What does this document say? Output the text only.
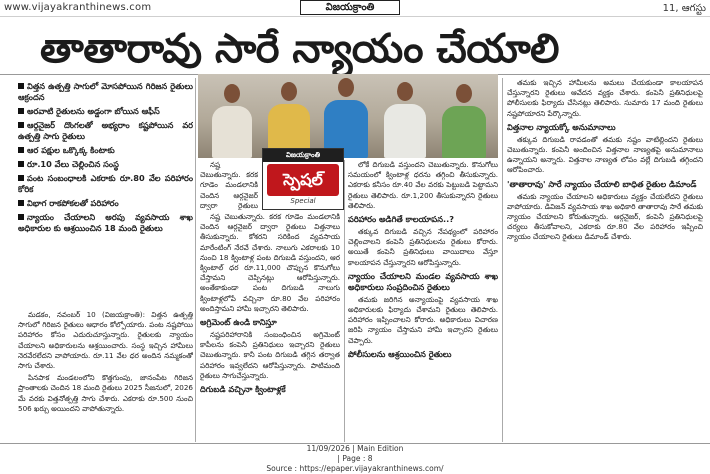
www.vijayakranthinews.com	విజయక్రాంతి	11, ఆగస్టు
తాతారావు సారే న్యాయం చేయాలి
విత్తన ఉత్పత్తి సాగులో మోసపోయిన గిరిజన రైతులు ఆక్రందన
అరవాటి రైతులను అడ్డంగా బోయిన ఆఫీస్
ఆర్గనైజర్ దొంగలతో అభ్యరాం కష్టపోయిన వర ఉత్పత్తి సాగు రైతులు
ఆర పక్షుల ఒక్కొక్క కింటాకు
రూ.10 వేలు చెల్లించిన సంస్థ
పంట సంబంధాలకి ఎకరాకు రూ.80 వేల పరిహారం కోరిక
విభాగ రాకపోకలతో పరిహారం
న్యాయం చేయాలని అరపు వ్యవసాయ శాఖ అధికారుల కు ఆశ్రయించిన 18 మంది రైతులు

మడకం, నవంబర్ 10 (విజయక్రాంతి): విత్తన ఉత్పత్తి సాగులో గిరిజన రైతులు ఆధారం కోల్పోయారు. పంట నష్టపోయి పరిహారం కోసం ఎదురుచూస్తున్నారు. రైతులకు న్యాయం చేయాలని అధికారులను ఆశ్రయించారు. సంస్థ ఇచ్చిన హామీలు నెరవేరలేదని వాపోయారు. రూ.11 వేల ధర అందిన నమ్మకంతో సాగు చేశారు.

పినపాక మండలంలోని కొత్తగుంపు, జానంపేట గిరిజన ప్రాంతాలకు చెందిన 18 మంది రైతులు 2025 సీజనులో, 2026 మే వరకు విత్తనోత్పత్తి సాగు చేశారు. ఎకరాకు రూ.500 నుంచి 506 ఖర్చు అయిందని వాపోతున్నారు.

విజయక్రాంతి
స్పెషల్
Special

నష్ట చెబుతున్నారు. కరక గూడెం మండలానికి చెందిన ఆర్గనైజర్ ద్వారా రైతులు

నష్ట చెబుతున్నారు. కరక గూడెం మండలానికి చెందిన ఆర్గనైజర్ ద్వారా రైతులు విత్తనాలు తీసుకున్నారు. కోశరని సరికింద వ్యవసాయ మారేంటింగ్ నేరవే చేశారు. నాలుగు ఎకరాలకు 10 నుంచి 18 క్వింటాళ్ల పంట దిగుబడి వస్తుందని, ఆర క్వింటాల్ ధర రూ.11,000 చొప్పున కొనుగోలు చేస్తామని చెప్పినట్లు ఆరోపిస్తున్నారు. అంతేకాకుండా పంట దిగుబడి నాలుగు క్వింటాళ్లలోపే వచ్చినా రూ.80 వేల పరిహారం అందిస్తామని హామీ ఇచ్చారని తెలిపారు.

అగ్రిమెంట్ ఉండి కానిస్తూ

నష్టపరిహారానికి సంబంధించిన అగ్రిమెంట్ కాపీలను కంపెనీ ప్రతినిధులు ఇచ్చారని రైతులు చెబుతున్నారు. కానీ పంట దిగుబడి తగ్గిన తర్వాత పరిహారం ఇవ్వలేదని ఆరోపిస్తున్నారు. పాటిమంది రైతులు సాగుచేస్తున్నారు.

దిగుబడి వచ్చినా క్వింటాళ్లకే

లోకే దిగుబడి వస్తుందని చెబుతున్నారు. కొనుగోలు సమయంలో క్వింటాళ్ల ధరను తగ్గించి తీసుకున్నారు. ఎకరాకు కనీసం రూ.40 వేల వరకు పెట్టుబడి పెట్టామని రైతులు తెలిపారు. రూ.1,200 తీసుకున్నారని రైతులు తెలిపారు.

పరిహారం అడిగితే కాలయాపన..?

తక్కువ దిగుబడి వచ్చిన నేపథ్యంలో పరిహారం చెల్లించాలని కంపెనీ ప్రతినిధులను రైతులు కోరారు. అయితే కంపెనీ ప్రతినిధులు వాయిదాలు వేస్తూ కాలయాపన చేస్తున్నారని ఆరోపిస్తున్నారు.

న్యాయం చేయాలని మండల వ్యవసాయ శాఖ అధికారులు సంప్రదించిన రైతులు

తమకు జరిగిన అన్యాయంపై వ్యవసాయ శాఖ అధికారులకు ఫిర్యాదు చేశామని రైతులు తెలిపారు. పరిహారం ఇప్పించాలని కోరారు. అధికారులు విచారణ జరిపి న్యాయం చేస్తామని హామీ ఇచ్చారని రైతులు చెప్పారు.

పోలీసులను ఆశ్రయించిన రైతులు

తమకు ఇచ్చిన హామీలను అమలు చేయకుండా కాలయాపన చేస్తున్నారని రైతులు ఆవేదన వ్యక్తం చేశారు. కంపెనీ ప్రతినిధులపై పోలీసులకు ఫిర్యాదు చేసినట్లు తెలిపారు. సుమారు 17 మంది రైతులు నష్టపోయారని పేర్కొన్నారు.

విత్తనాల న్యాయక్కో అనుమానాలు

తక్కువ దిగుబడి రావడంతో తమకు నష్టం వాటిల్లిందని రైతులు చెబుతున్నారు. కంపెనీ అందించిన విత్తనాల నాణ్యతపై అనుమానాలు ఉన్నాయని అన్నారు. విత్తనాల నాణ్యత లోపం వల్లే దిగుబడి తగ్గిందని ఆరోపించారు.

'తాతారావు' సారే న్యాయం చేయాలి బాధిత రైతుల డిమాండ్

తమకు న్యాయం చేయాలని అధికారులు వ్యక్తం చేయలేదని రైతులు వాపోయారు. డివిజన్ వ్యవసాయ శాఖ అధికారి తాతారావు సారే తమకు న్యాయం చేయాలని కోరుతున్నారు. ఆర్గనైజర్, కంపెనీ ప్రతినిధులపై చర్యలు తీసుకోవాలని, ఎకరాకు రూ.80 వేల పరిహారం ఇప్పించి న్యాయం చేయాలని రైతులు డిమాండ్ చేశారు.

11/09/2026 | Main Edition
| Page : 8
Source : https://epaper.vijayakranthinews.com/
